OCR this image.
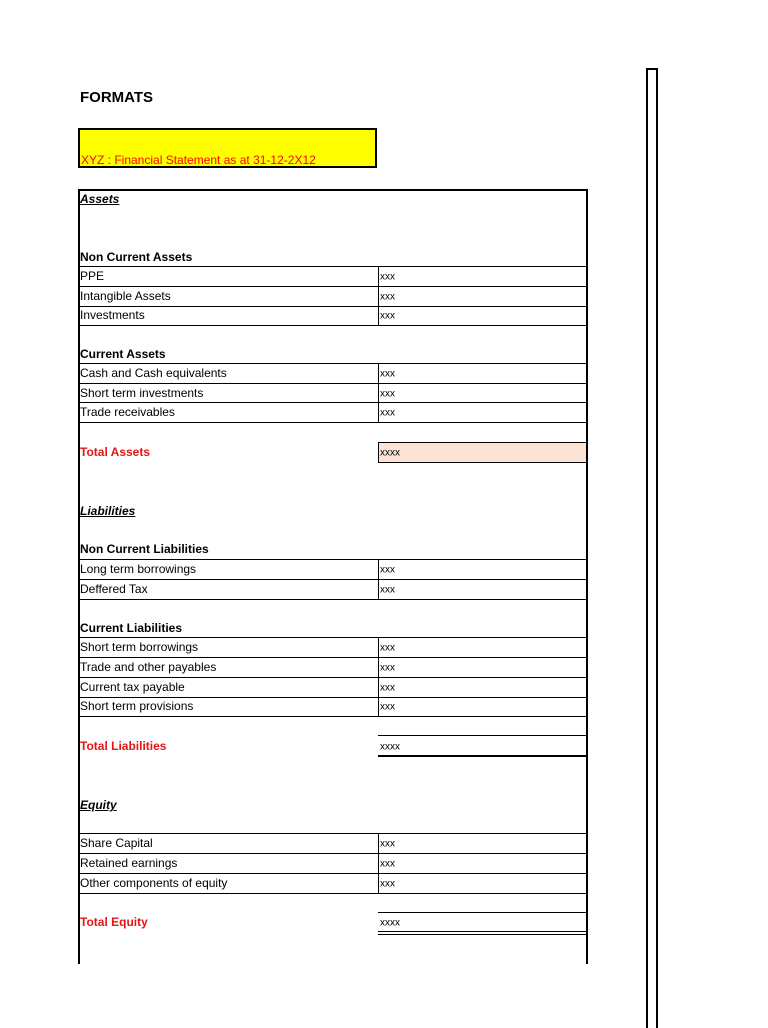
FORMATS
XYZ : Financial Statement as at 31-12-2X12
Assets
Non Current Assets
PPE	xxx
Intangible Assets	xxx
Investments	xxx
Current Assets
Cash and Cash equivalents	xxx
Short term investments	xxx
Trade receivables	xxx
Total Assets	xxxx
Liabilities
Non Current Liabilities
Long term borrowings	xxx
Deffered Tax	xxx
Current Liabilities
Short term borrowings	xxx
Trade and other payables	xxx
Current tax payable	xxx
Short term provisions	xxx
Total Liabilities	xxxx
Equity
Share Capital	xxx
Retained earnings	xxx
Other components of equity	xxx
Total Equity	xxxx
